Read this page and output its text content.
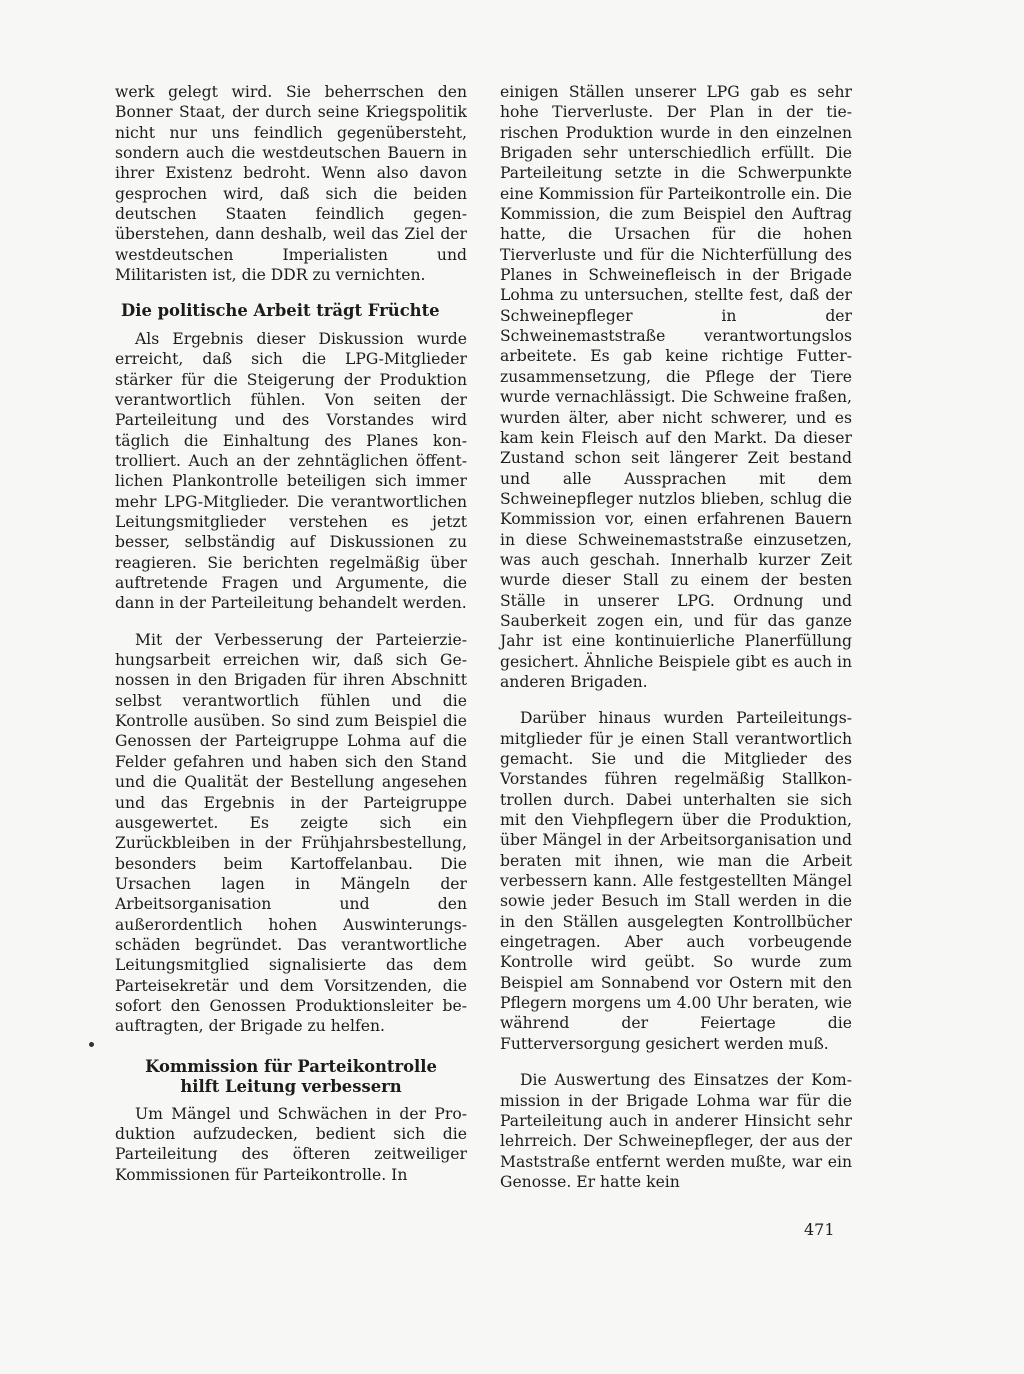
werk gelegt wird. Sie beherrschen den Bonner Staat, der durch seine Kriegspolitik nicht nur uns feindlich gegenübersteht, sondern auch die westdeutschen Bauern in ihrer Existenz bedroht. Wenn also davon gesprochen wird, daß sich die beiden deutschen Staaten feindlich gegenüberstehen, dann deshalb, weil das Ziel der westdeutschen Imperialisten und Militaristen ist, die DDR zu vernichten.

Die politische Arbeit trägt Früchte

Als Ergebnis dieser Diskussion wurde erreicht, daß sich die LPG-Mitglieder stärker für die Steigerung der Produktion verantwortlich fühlen. Von seiten der Parteileitung und des Vorstandes wird täglich die Einhaltung des Planes kontrolliert. Auch an der zehntäglichen öffentlichen Plankontrolle beteiligen sich immer mehr LPG-Mitglieder. Die verantwortlichen Leitungsmitglieder verstehen es jetzt besser, selbständig auf Diskussionen zu reagieren. Sie berichten regelmäßig über auftretende Fragen und Argumente, die dann in der Parteileitung behandelt werden.

Mit der Verbesserung der Parteierziehungsarbeit erreichen wir, daß sich Genossen in den Brigaden für ihren Abschnitt selbst verantwortlich fühlen und die Kontrolle ausüben. So sind zum Beispiel die Genossen der Parteigruppe Lohma auf die Felder gefahren und haben sich den Stand und die Qualität der Bestellung angesehen und das Ergebnis in der Parteigruppe ausgewertet. Es zeigte sich ein Zurückbleiben in der Frühjahrsbestellung, besonders beim Kartoffelanbau. Die Ursachen lagen in Mängeln der Arbeitsorganisation und den außerordentlich hohen Auswinterungsschäden begründet. Das verantwortliche Leitungsmitglied signalisierte das dem Parteisekretär und dem Vorsitzenden, die sofort den Genossen Produktionsleiter beauftragten, der Brigade zu helfen.

Kommission für Parteikontrolle
hilft Leitung verbessern

Um Mängel und Schwächen in der Produktion aufzudecken, bedient sich die Parteileitung des öfteren zeitweiliger Kommissionen für Parteikontrolle. In

einigen Ställen unserer LPG gab es sehr hohe Tierverluste. Der Plan in der tierischen Produktion wurde in den einzelnen Brigaden sehr unterschiedlich erfüllt. Die Parteileitung setzte in die Schwerpunkte eine Kommission für Parteikontrolle ein. Die Kommission, die zum Beispiel den Auftrag hatte, die Ursachen für die hohen Tierverluste und für die Nichterfüllung des Planes in Schweinefleisch in der Brigade Lohma zu untersuchen, stellte fest, daß der Schweinepfleger in der Schweinemaststraße verantwortungslos arbeitete. Es gab keine richtige Futterzusammensetzung, die Pflege der Tiere wurde vernachlässigt. Die Schweine fraßen, wurden älter, aber nicht schwerer, und es kam kein Fleisch auf den Markt. Da dieser Zustand schon seit längerer Zeit bestand und alle Aussprachen mit dem Schweinepfleger nutzlos blieben, schlug die Kommission vor, einen erfahrenen Bauern in diese Schweinemaststraße einzusetzen, was auch geschah. Innerhalb kurzer Zeit wurde dieser Stall zu einem der besten Ställe in unserer LPG. Ordnung und Sauberkeit zogen ein, und für das ganze Jahr ist eine kontinuierliche Planerfüllung gesichert. Ähnliche Beispiele gibt es auch in anderen Brigaden.

Darüber hinaus wurden Parteileitungsmitglieder für je einen Stall verantwortlich gemacht. Sie und die Mitglieder des Vorstandes führen regelmäßig Stallkontrollen durch. Dabei unterhalten sie sich mit den Viehpflegern über die Produktion, über Mängel in der Arbeitsorganisation und beraten mit ihnen, wie man die Arbeit verbessern kann. Alle festgestellten Mängel sowie jeder Besuch im Stall werden in die in den Ställen ausgelegten Kontrollbücher eingetragen. Aber auch vorbeugende Kontrolle wird geübt. So wurde zum Beispiel am Sonnabend vor Ostern mit den Pflegern morgens um 4.00 Uhr beraten, wie während der Feiertage die Futterversorgung gesichert werden muß.

Die Auswertung des Einsatzes der Kommission in der Brigade Lohma war für die Parteileitung auch in anderer Hinsicht sehr lehrreich. Der Schweinepfleger, der aus der Maststraße entfernt werden mußte, war ein Genosse. Er hatte kein

471
